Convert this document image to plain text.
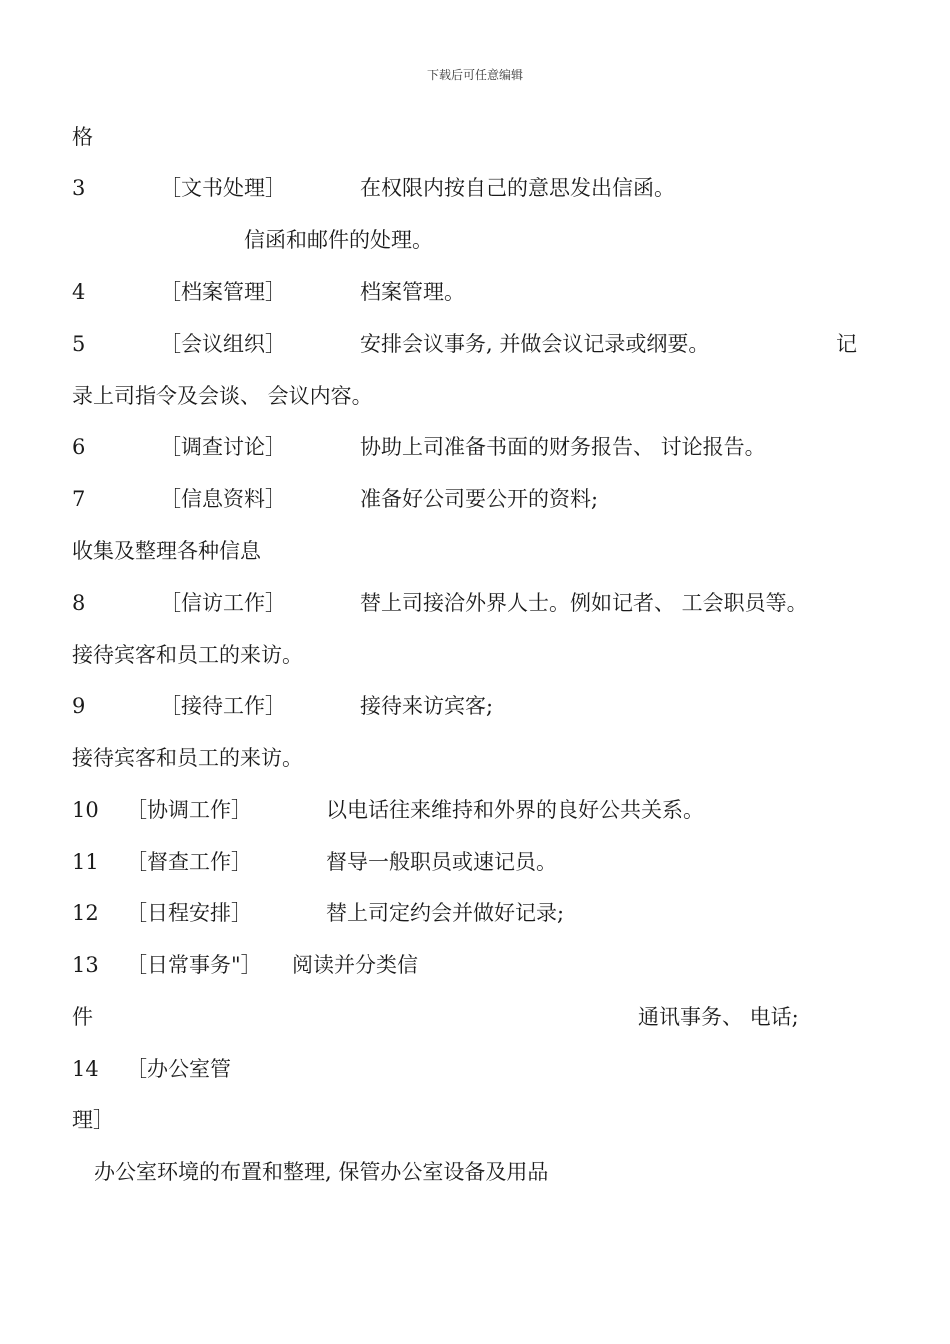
下载后可任意编辑
格
3	［文书处理］	在权限内按自己的意思发出信函。
信函和邮件的处理。
4	［档案管理］	档案管理。
5	［会议组织］	安排会议事务, 并做会议记录或纲要。	记
录上司指令及会谈、 会议内容。
6	［调查讨论］	协助上司准备书面的财务报告、 讨论报告。
7	［信息资料］	准备好公司要公开的资料;
收集及整理各种信息
8	［信访工作］	替上司接洽外界人士。例如记者、 工会职员等。
接待宾客和员工的来访。
9	［接待工作］	接待来访宾客;
接待宾客和员工的来访。
10 ［协调工作］	以电话往来维持和外界的良好公共关系。
11 ［督查工作］	督导一般职员或速记员。
12 ［日程安排］	替上司定约会并做好记录;
13 ［日常事务"］ 阅读并分类信
件	通讯事务、 电话;
14 ［办公室管
理］
办公室环境的布置和整理, 保管办公室设备及用品
